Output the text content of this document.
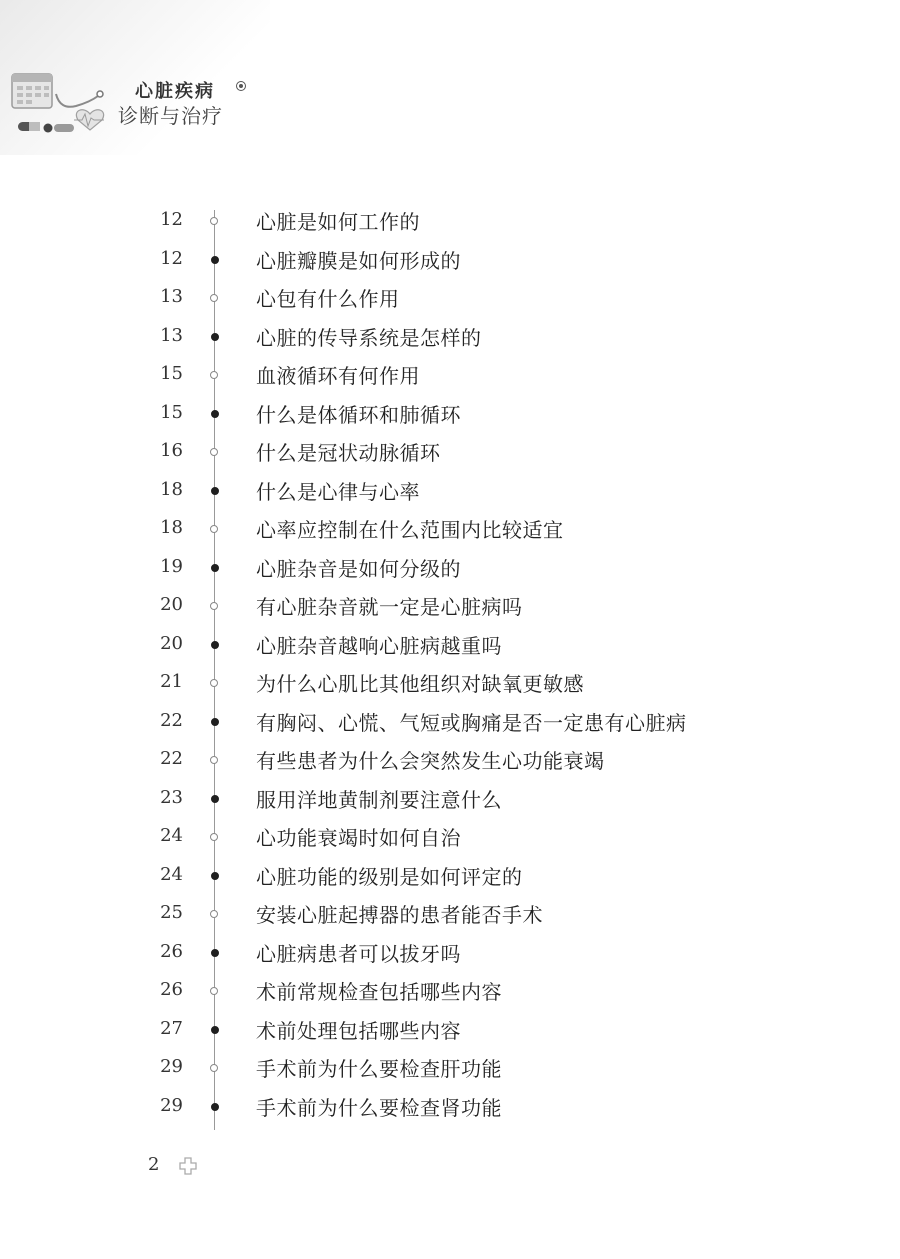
心脏疾病
诊断与治疗
12	心脏是如何工作的
12	心脏瓣膜是如何形成的
13	心包有什么作用
13	心脏的传导系统是怎样的
15	血液循环有何作用
15	什么是体循环和肺循环
16	什么是冠状动脉循环
18	什么是心律与心率
18	心率应控制在什么范围内比较适宜
19	心脏杂音是如何分级的
20	有心脏杂音就一定是心脏病吗
20	心脏杂音越响心脏病越重吗
21	为什么心肌比其他组织对缺氧更敏感
22	有胸闷、心慌、气短或胸痛是否一定患有心脏病
22	有些患者为什么会突然发生心功能衰竭
23	服用洋地黄制剂要注意什么
24	心功能衰竭时如何自治
24	心脏功能的级别是如何评定的
25	安装心脏起搏器的患者能否手术
26	心脏病患者可以拔牙吗
26	术前常规检查包括哪些内容
27	术前处理包括哪些内容
29	手术前为什么要检查肝功能
29	手术前为什么要检查肾功能
2
